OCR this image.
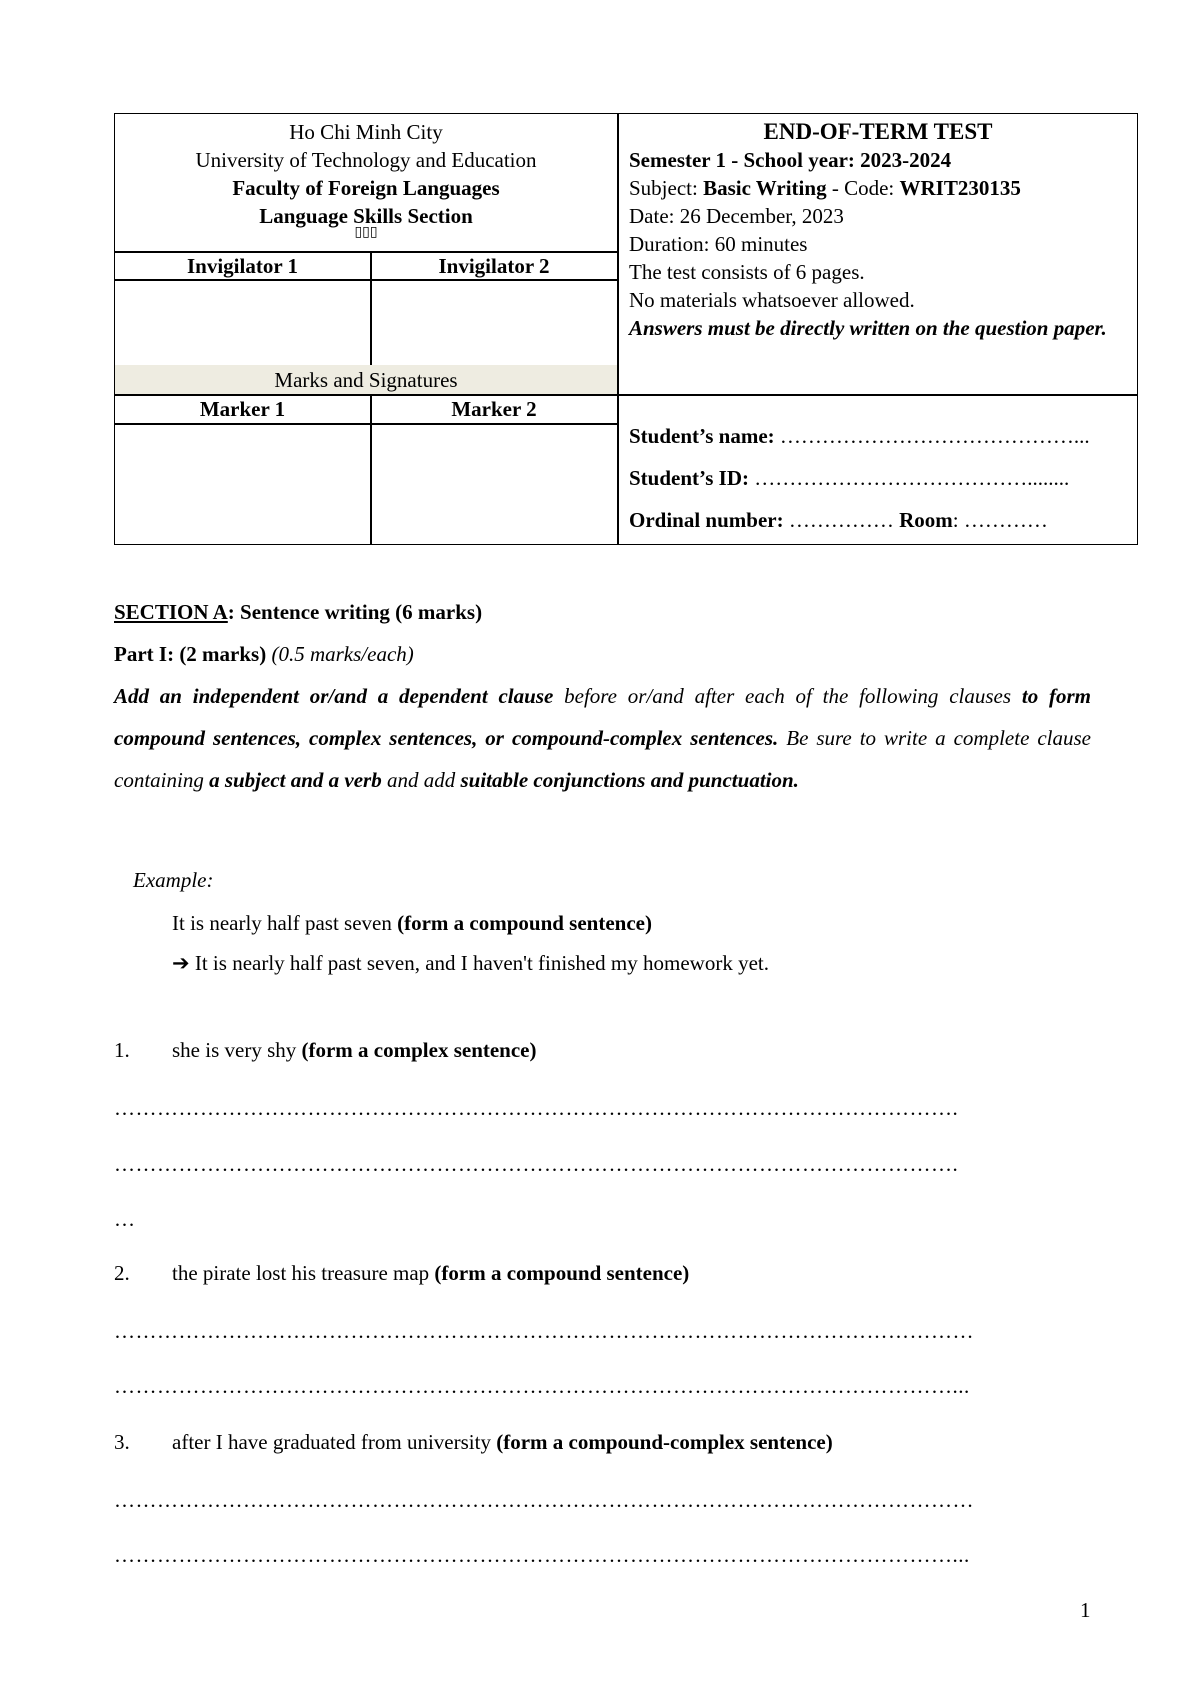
Ho Chi Minh City
University of Technology and Education
Faculty of Foreign Languages
Language Skills Section
▯▯▯
Invigilator 1	Invigilator 2
Marks and Signatures
Marker 1	Marker 2
END-OF-TERM TEST
Semester 1 - School year: 2023-2024
Subject: Basic Writing - Code: WRIT230135
Date: 26 December, 2023
Duration: 60 minutes
The test consists of 6 pages.
No materials whatsoever allowed.
Answers must be directly written on the question paper.
Student’s name: ……………………………………...
Student’s ID: …………………………………........
Ordinal number: …………… Room: …………
SECTION A: Sentence writing (6 marks)
Part I: (2 marks) (0.5 marks/each)
Add an independent or/and a dependent clause before or/and after each of the following clauses to form compound sentences, complex sentences, or compound-complex sentences. Be sure to write a complete clause containing a subject and a verb and add suitable conjunctions and punctuation.
Example:
It is nearly half past seven (form a compound sentence)
➔ It is nearly half past seven, and I haven't finished my homework yet.
1. she is very shy (form a complex sentence)
……………………………………………………………………………………………………….
……………………………………………………………………………………………………….
…
2. the pirate lost his treasure map (form a compound sentence)
…………………………………………………………………………………………………………
………………………………………………………………………………………………………...
3. after I have graduated from university (form a compound-complex sentence)
…………………………………………………………………………………………………………
………………………………………………………………………………………………………...
1
